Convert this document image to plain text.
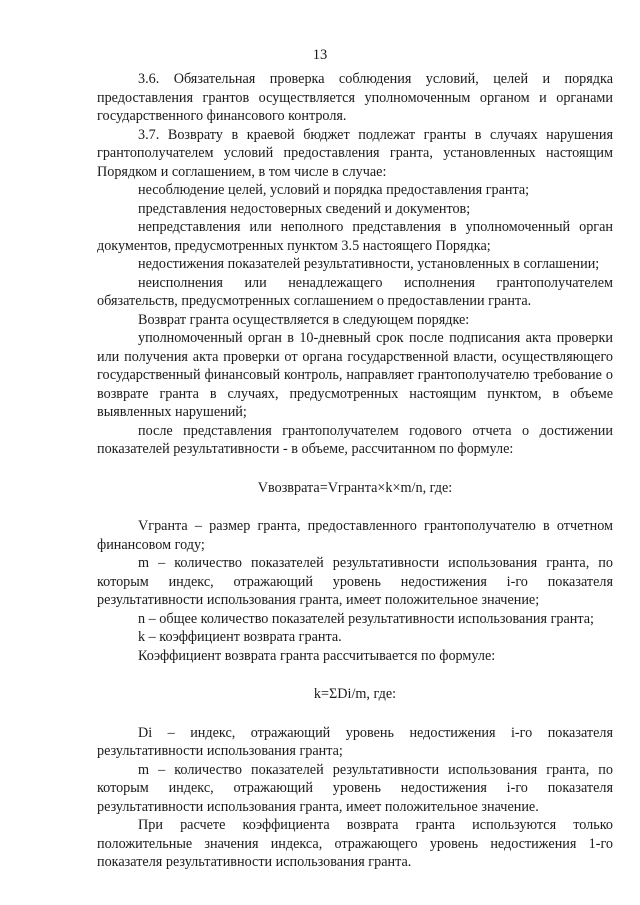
13

3.6. Обязательная проверка соблюдения условий, целей и порядка предоставления грантов осуществляется уполномоченным органом и органами государственного финансового контроля.

3.7. Возврату в краевой бюджет подлежат гранты в случаях нарушения грантополучателем условий предоставления гранта, установленных настоящим Порядком и соглашением, в том числе в случае:

несоблюдение целей, условий и порядка предоставления гранта;

представления недостоверных сведений и документов;

непредставления или неполного представления в уполномоченный орган документов, предусмотренных пунктом 3.5 настоящего Порядка;

недостижения показателей результативности, установленных в соглашении;

неисполнения или ненадлежащего исполнения грантополучателем обязательств, предусмотренных соглашением о предоставлении гранта.

Возврат гранта осуществляется в следующем порядке:

уполномоченный орган в 10-дневный срок после подписания акта проверки или получения акта проверки от органа государственной власти, осуществляющего государственный финансовый контроль, направляет грантополучателю требование о возврате гранта в случаях, предусмотренных настоящим пунктом, в объеме выявленных нарушений;

после представления грантополучателем годового отчета о достижении показателей результативности - в объеме, рассчитанном по формуле:

Vвозврата=Vгранта×k×m/n, где:

Vгранта – размер гранта, предоставленного грантополучателю в отчетном финансовом году;

m – количество показателей результативности использования гранта, по которым индекс, отражающий уровень недостижения i-го показателя результативности использования гранта, имеет положительное значение;

n – общее количество показателей результативности использования гранта;

k – коэффициент возврата гранта.

Коэффициент возврата гранта рассчитывается по формуле:

k=ΣDi/m, где:

Di – индекс, отражающий уровень недостижения i-го показателя результативности использования гранта;

m – количество показателей результативности использования гранта, по которым индекс, отражающий уровень недостижения i-го показателя результативности использования гранта, имеет положительное значение.

При расчете коэффициента возврата гранта используются только положительные значения индекса, отражающего уровень недостижения 1-го показателя результативности использования гранта.
